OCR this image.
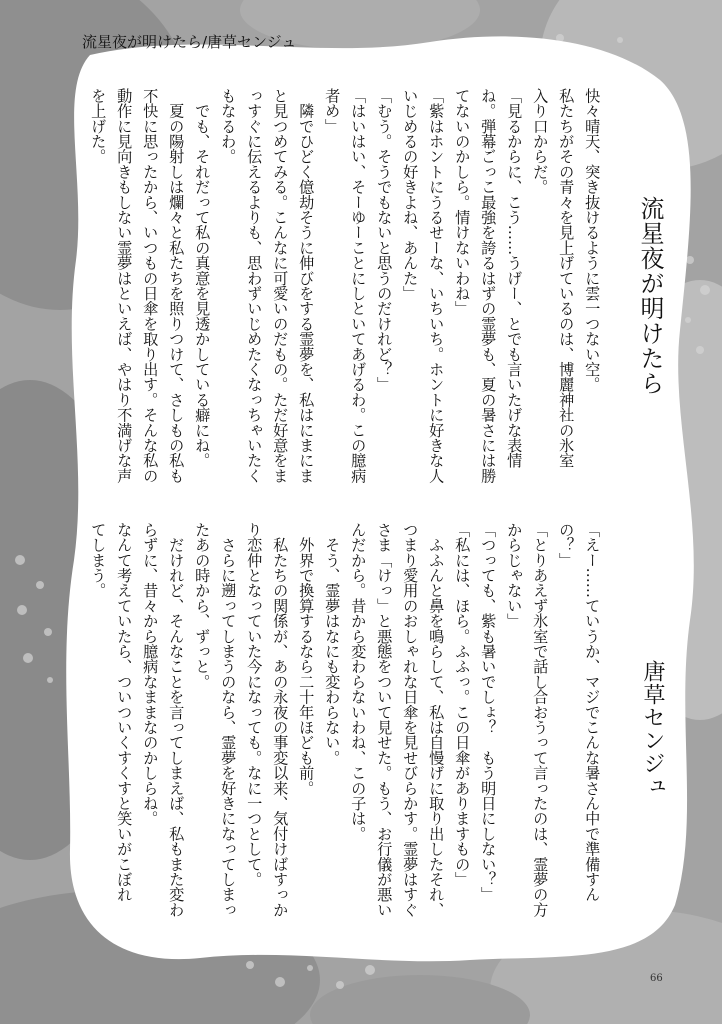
流星夜が明けたら/唐草センジュ
流星夜が明けたら
唐草センジュ
快々晴天、突き抜けるように雲一つない空。
私たちがその青々を見上げているのは、博麗神社の氷室
入り口からだ。
「見るからに、こう……うげー、とでも言いたげな表情
ね。弾幕ごっこ最強を誇るはずの霊夢も、夏の暑さには勝
てないのかしら。情けないわね」
「紫はホントにうるせーな、いちいち。ホントに好きな人
いじめるの好きよね、あんた」
「むう。そうでもないと思うのだけれど？」
「はいはい、そーゆーことにしといてあげるわ。この臆病
者め」
　隣でひどく億劫そうに伸びをする霊夢を、私はにまにま
と見つめてみる。こんなに可愛いのだもの。ただ好意をま
っすぐに伝えるよりも、思わずいじめたくなっちゃいたく
もなるわ。
　でも、それだって私の真意を見透かしている癖にね。
　夏の陽射しは爛々と私たちを照りつけて、さしもの私も
不快に思ったから、いつもの日傘を取り出す。そんな私の
動作に見向きもしない霊夢はといえば、やはり不満げな声
を上げた。
「えー……ていうか、マジでこんな暑さん中で準備すん
の？」
「とりあえず氷室で話し合おうって言ったのは、霊夢の方
からじゃない」
「つっても、紫も暑いでしょ？　もう明日にしない？」
「私には、ほら。ふふっ。この日傘がありますもの」
　ふふんと鼻を鳴らして、私は自慢げに取り出したそれ、
つまり愛用のおしゃれな日傘を見せびらかす。霊夢はすぐ
さま「けっ」と悪態をついて見せた。もう、お行儀が悪い
んだから。昔から変わらないわね、この子は。
　そう、霊夢はなにも変わらない。
　外界で換算するなら二十年ほども前。
　私たちの関係が、あの永夜の事変以来、気付けばすっか
り恋仲となっていた今になっても。なに一つとして。
　さらに遡ってしまうのなら、霊夢を好きになってしまっ
たあの時から、ずっと。
　だけれど、そんなことを言ってしまえば、私もまた変わ
らずに、昔々から臆病なままなのかしらね。
なんて考えていたら、ついついくすくすと笑いがこぼれ
てしまう。
66
